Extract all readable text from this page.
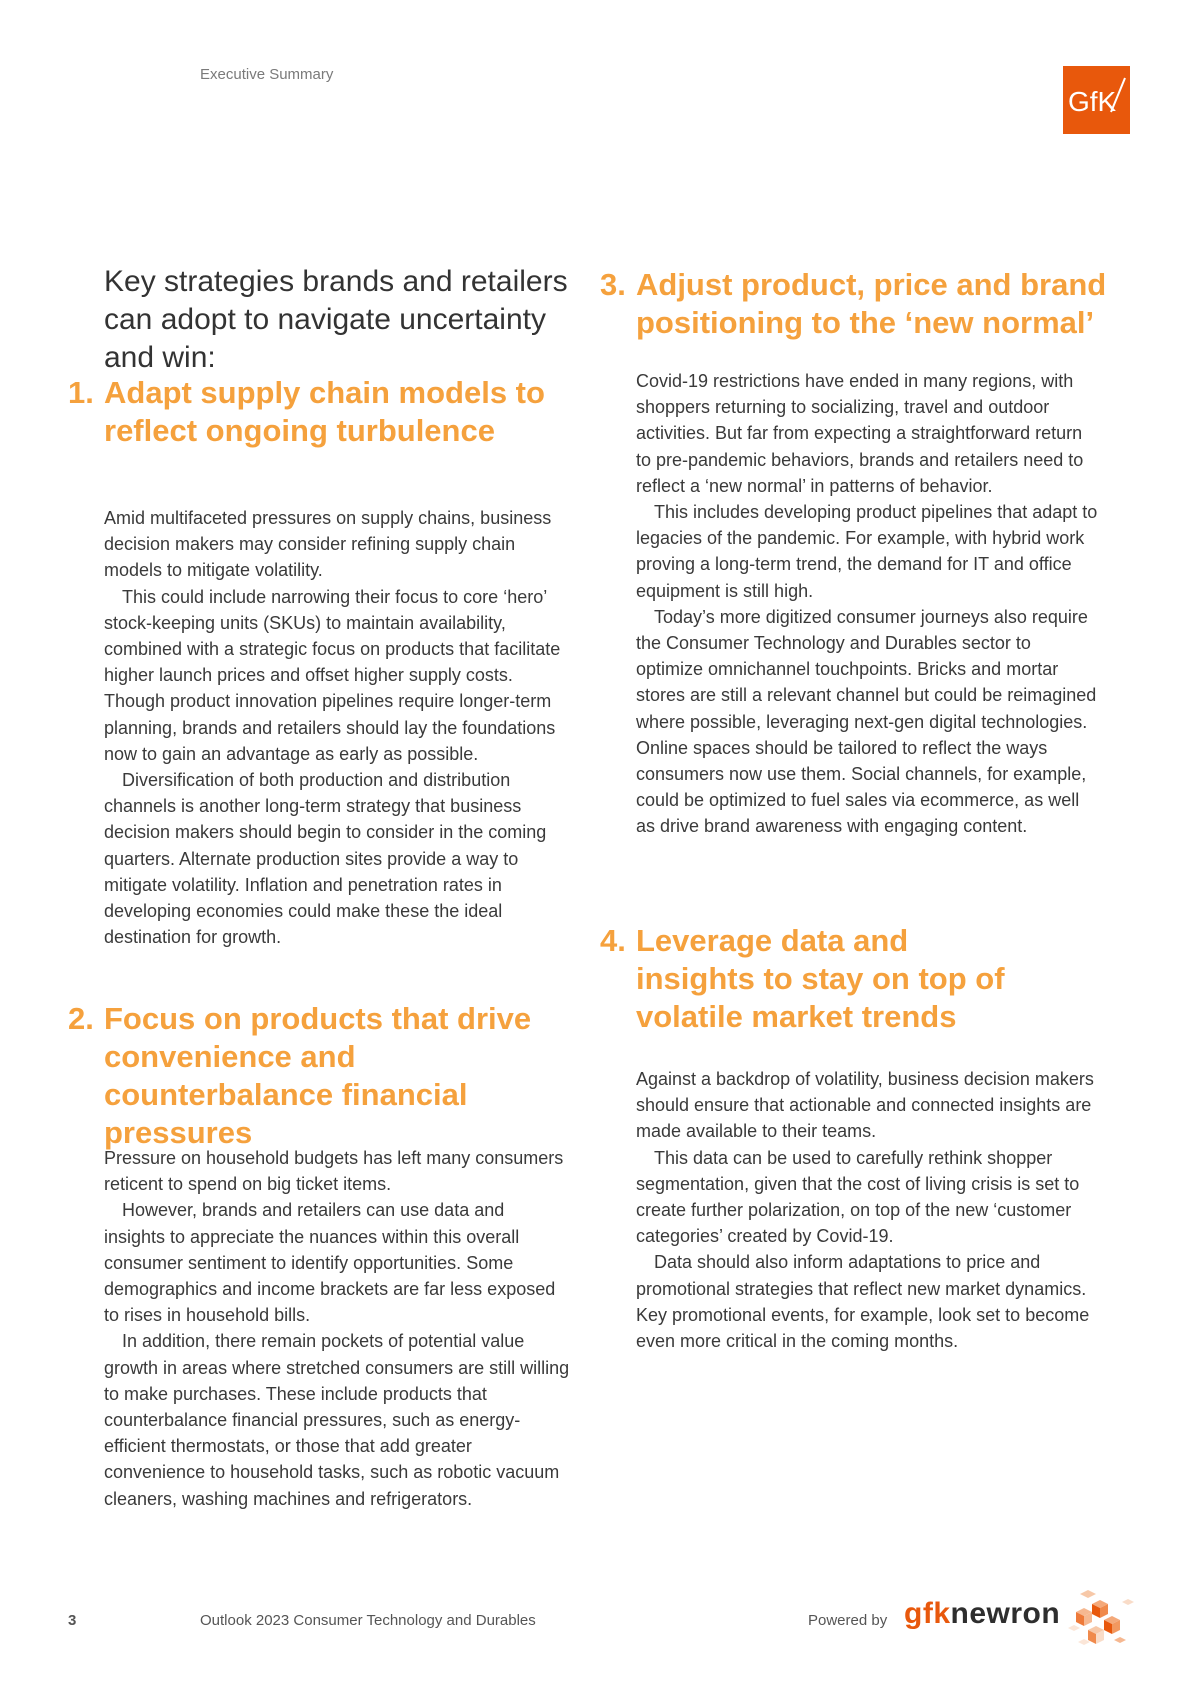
Executive Summary
GfK
Key strategies brands and retailers can adopt to navigate uncertainty and win:
1. Adapt supply chain models to reflect ongoing turbulence

Amid multifaceted pressures on supply chains, business decision makers may consider refining supply chain models to mitigate volatility.

This could include narrowing their focus to core ‘hero’ stock-keeping units (SKUs) to maintain availability, combined with a strategic focus on products that facilitate higher launch prices and offset higher supply costs. Though product innovation pipelines require longer-term planning, brands and retailers should lay the foundations now to gain an advantage as early as possible.

Diversification of both production and distribution channels is another long-term strategy that business decision makers should begin to consider in the coming quarters. Alternate production sites provide a way to mitigate volatility. Inflation and penetration rates in developing economies could make these the ideal destination for growth.

2. Focus on products that drive convenience and counterbalance financial pressures

Pressure on household budgets has left many consumers reticent to spend on big ticket items.

However, brands and retailers can use data and insights to appreciate the nuances within this overall consumer sentiment to identify opportunities. Some demographics and income brackets are far less exposed to rises in household bills.

In addition, there remain pockets of potential value growth in areas where stretched consumers are still willing to make purchases. These include products that counterbalance financial pressures, such as energy-efficient thermostats, or those that add greater convenience to household tasks, such as robotic vacuum cleaners, washing machines and refrigerators.

3. Adjust product, price and brand positioning to the ‘new normal’

Covid-19 restrictions have ended in many regions, with shoppers returning to socializing, travel and outdoor activities. But far from expecting a straightforward return to pre-pandemic behaviors, brands and retailers need to reflect a ‘new normal’ in patterns of behavior.

This includes developing product pipelines that adapt to legacies of the pandemic. For example, with hybrid work proving a long-term trend, the demand for IT and office equipment is still high.

Today’s more digitized consumer journeys also require the Consumer Technology and Durables sector to optimize omnichannel touchpoints. Bricks and mortar stores are still a relevant channel but could be reimagined where possible, leveraging next-gen digital technologies. Online spaces should be tailored to reflect the ways consumers now use them. Social channels, for example, could be optimized to fuel sales via ecommerce, as well as drive brand awareness with engaging content.

4. Leverage data and insights to stay on top of volatile market trends

Against a backdrop of volatility, business decision makers should ensure that actionable and connected insights are made available to their teams.

This data can be used to carefully rethink shopper segmentation, given that the cost of living crisis is set to create further polarization, on top of the new ‘customer categories’ created by Covid-19.

Data should also inform adaptations to price and promotional strategies that reflect new market dynamics. Key promotional events, for example, look set to become even more critical in the coming months.

3	Outlook 2023 Consumer Technology and Durables	Powered by gfknewron
